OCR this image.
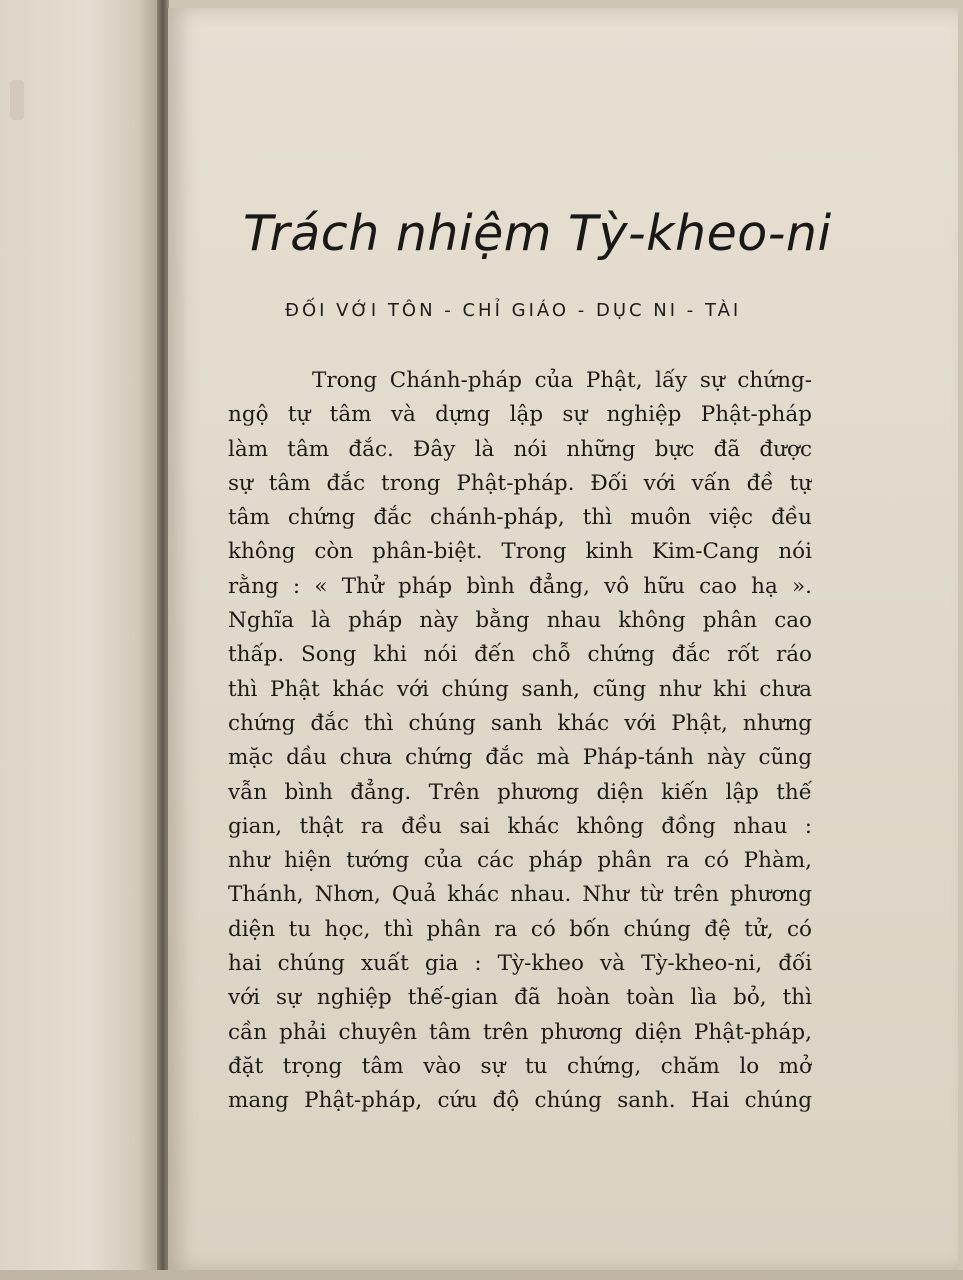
Trách nhiệm Tỳ-kheo-ni
ĐỐI VỚI TÔN - CHỈ GIÁO - DỤC NI - TÀI
Trong Chánh-pháp của Phật, lấy sự chứng-
ngộ tự tâm và dựng lập sự nghiệp Phật-pháp
làm tâm đắc. Đây là nói những bực đã được
sự tâm đắc trong Phật-pháp. Đối với vấn đề tự
tâm chứng đắc chánh-pháp, thì muôn việc đều
không còn phân-biệt. Trong kinh Kim-Cang nói
rằng : « Thử pháp bình đẳng, vô hữu cao hạ ».
Nghĩa là pháp này bằng nhau không phân cao
thấp. Song khi nói đến chỗ chứng đắc rốt ráo
thì Phật khác với chúng sanh, cũng như khi chưa
chứng đắc thì chúng sanh khác với Phật, nhưng
mặc dầu chưa chứng đắc mà Pháp-tánh này cũng
vẫn bình đẳng. Trên phương diện kiến lập thế
gian, thật ra đều sai khác không đồng nhau :
như hiện tướng của các pháp phân ra có Phàm,
Thánh, Nhơn, Quả khác nhau. Như từ trên phương
diện tu học, thì phân ra có bốn chúng đệ tử, có
hai chúng xuất gia : Tỳ-kheo và Tỳ-kheo-ni, đối
với sự nghiệp thế-gian đã hoàn toàn lìa bỏ, thì
cần phải chuyên tâm trên phương diện Phật-pháp,
đặt trọng tâm vào sự tu chứng, chăm lo mở
mang Phật-pháp, cứu độ chúng sanh. Hai chúng
